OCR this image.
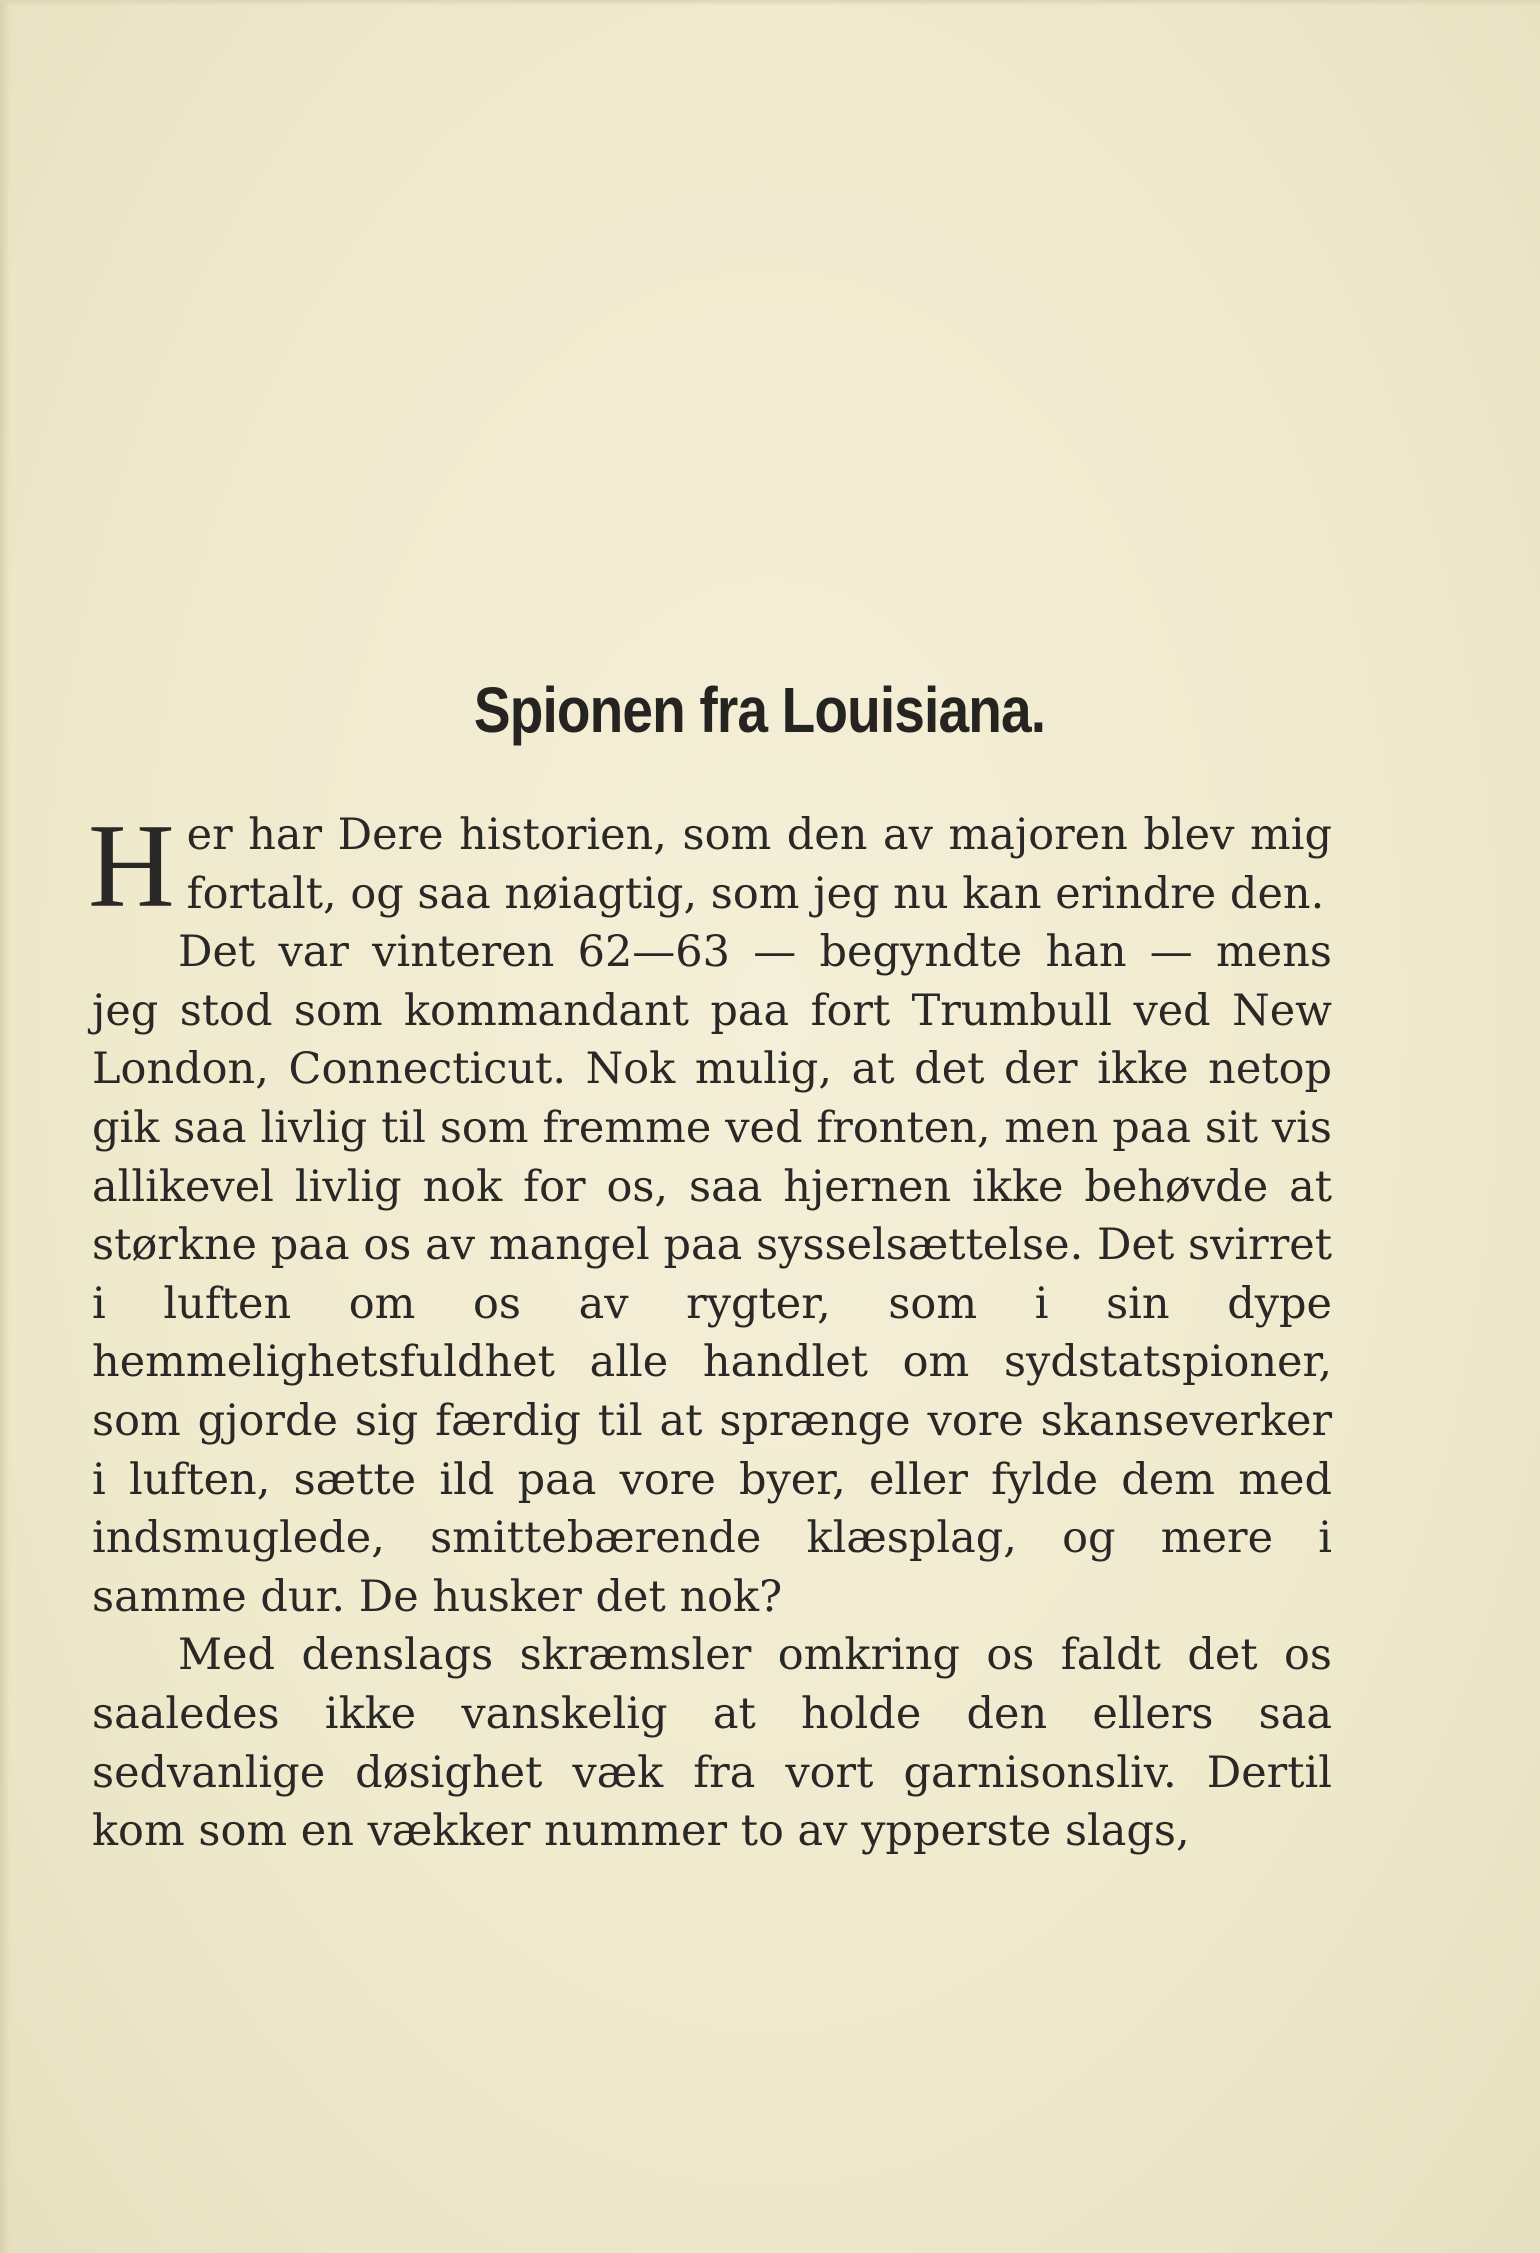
Spionen fra Louisiana.

Her har Dere historien, som den av majoren blev mig fortalt, og saa nøiagtig, som jeg nu kan erindre den.

Det var vinteren 62—63 — begyndte han — mens jeg stod som kommandant paa fort Trumbull ved New London, Connecticut. Nok mulig, at det der ikke netop gik saa livlig til som fremme ved fronten, men paa sit vis allikevel livlig nok for os, saa hjernen ikke behøvde at størkne paa os av mangel paa sysselsættelse. Det svirret i luften om os av rygter, som i sin dype hemmelighetsfuldhet alle handlet om sydstatspioner, som gjorde sig færdig til at sprænge vore skanseverker i luften, sætte ild paa vore byer, eller fylde dem med indsmuglede, smittebærende klæsplag, og mere i samme dur. De husker det nok?

Med denslags skræmsler omkring os faldt det os saaledes ikke vanskelig at holde den ellers saa sedvanlige døsighet væk fra vort garnisonsliv. Dertil kom som en vækker nummer to av ypperste slags,
